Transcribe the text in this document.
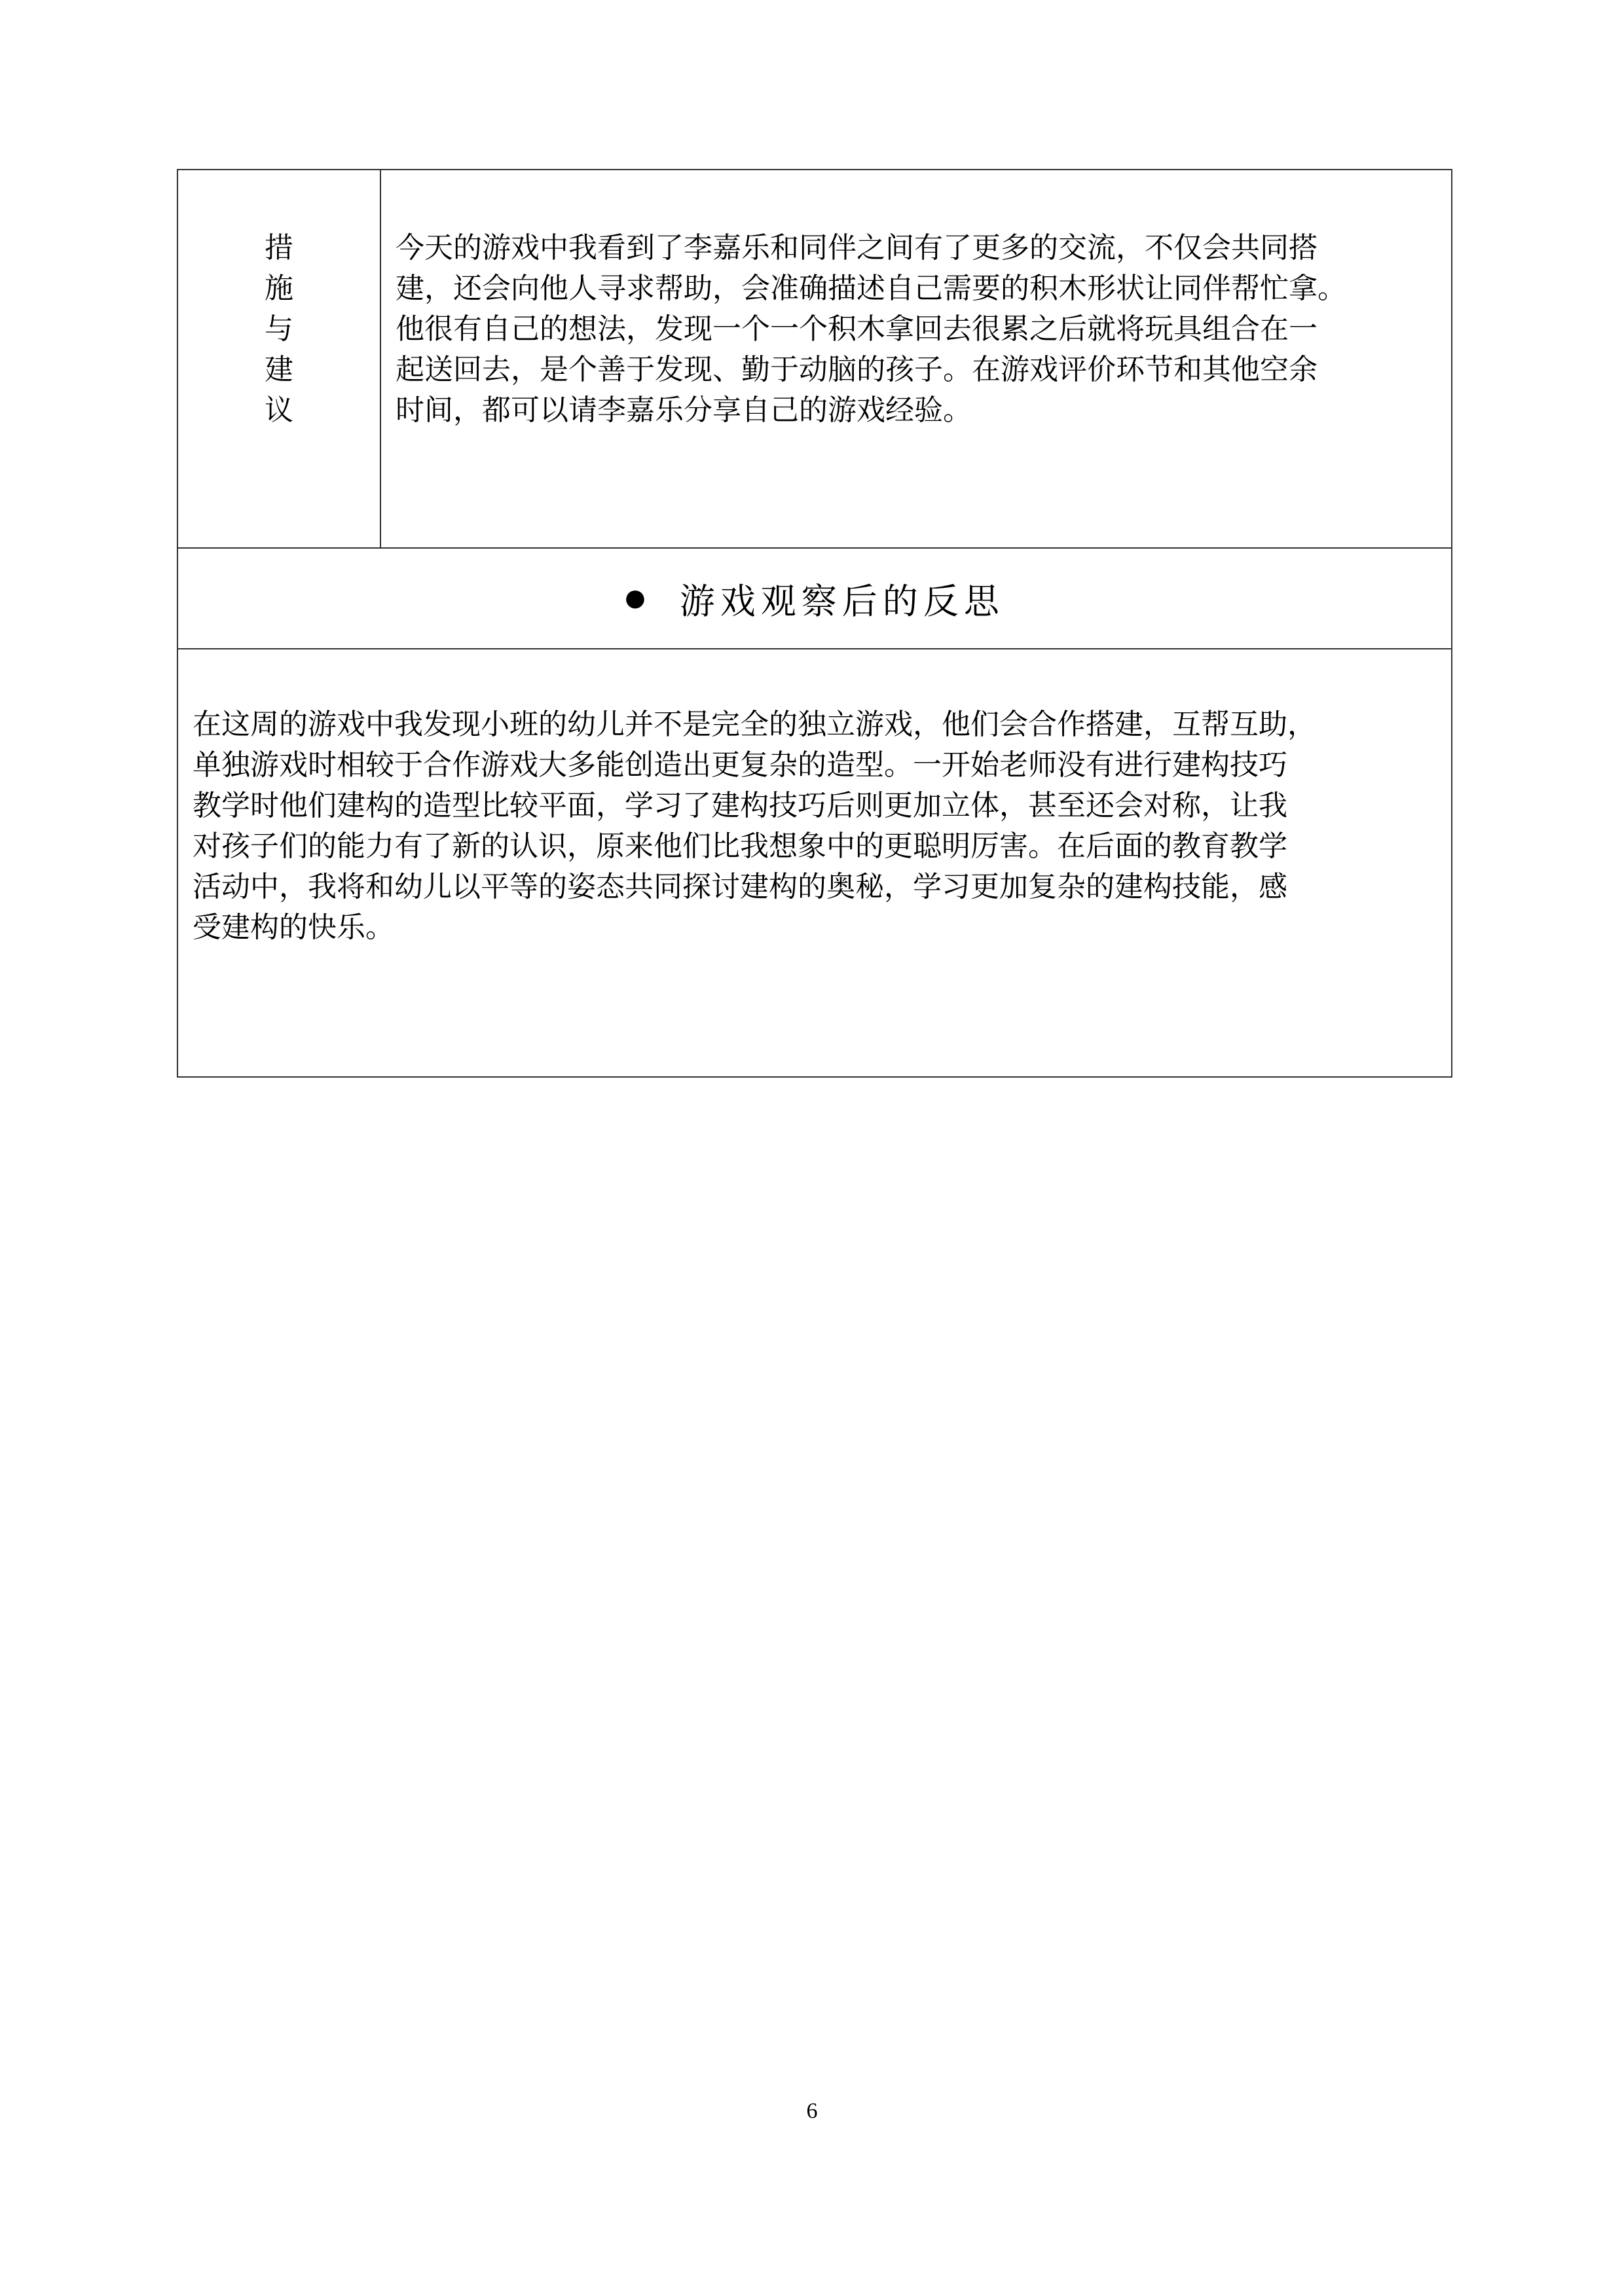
措
施
与
建
议
今天的游戏中我看到了李嘉乐和同伴之间有了更多的交流，不仅会共同搭
建，还会向他人寻求帮助，会准确描述自己需要的积木形状让同伴帮忙拿。
他很有自己的想法，发现一个一个积木拿回去很累之后就将玩具组合在一
起送回去，是个善于发现、勤于动脑的孩子。在游戏评价环节和其他空余
时间，都可以请李嘉乐分享自己的游戏经验。
● 游戏观察后的反思
在这周的游戏中我发现小班的幼儿并不是完全的独立游戏，他们会合作搭建，互帮互助，
单独游戏时相较于合作游戏大多能创造出更复杂的造型。一开始老师没有进行建构技巧
教学时他们建构的造型比较平面，学习了建构技巧后则更加立体，甚至还会对称，让我
对孩子们的能力有了新的认识，原来他们比我想象中的更聪明厉害。在后面的教育教学
活动中，我将和幼儿以平等的姿态共同探讨建构的奥秘，学习更加复杂的建构技能，感
受建构的快乐。
6
